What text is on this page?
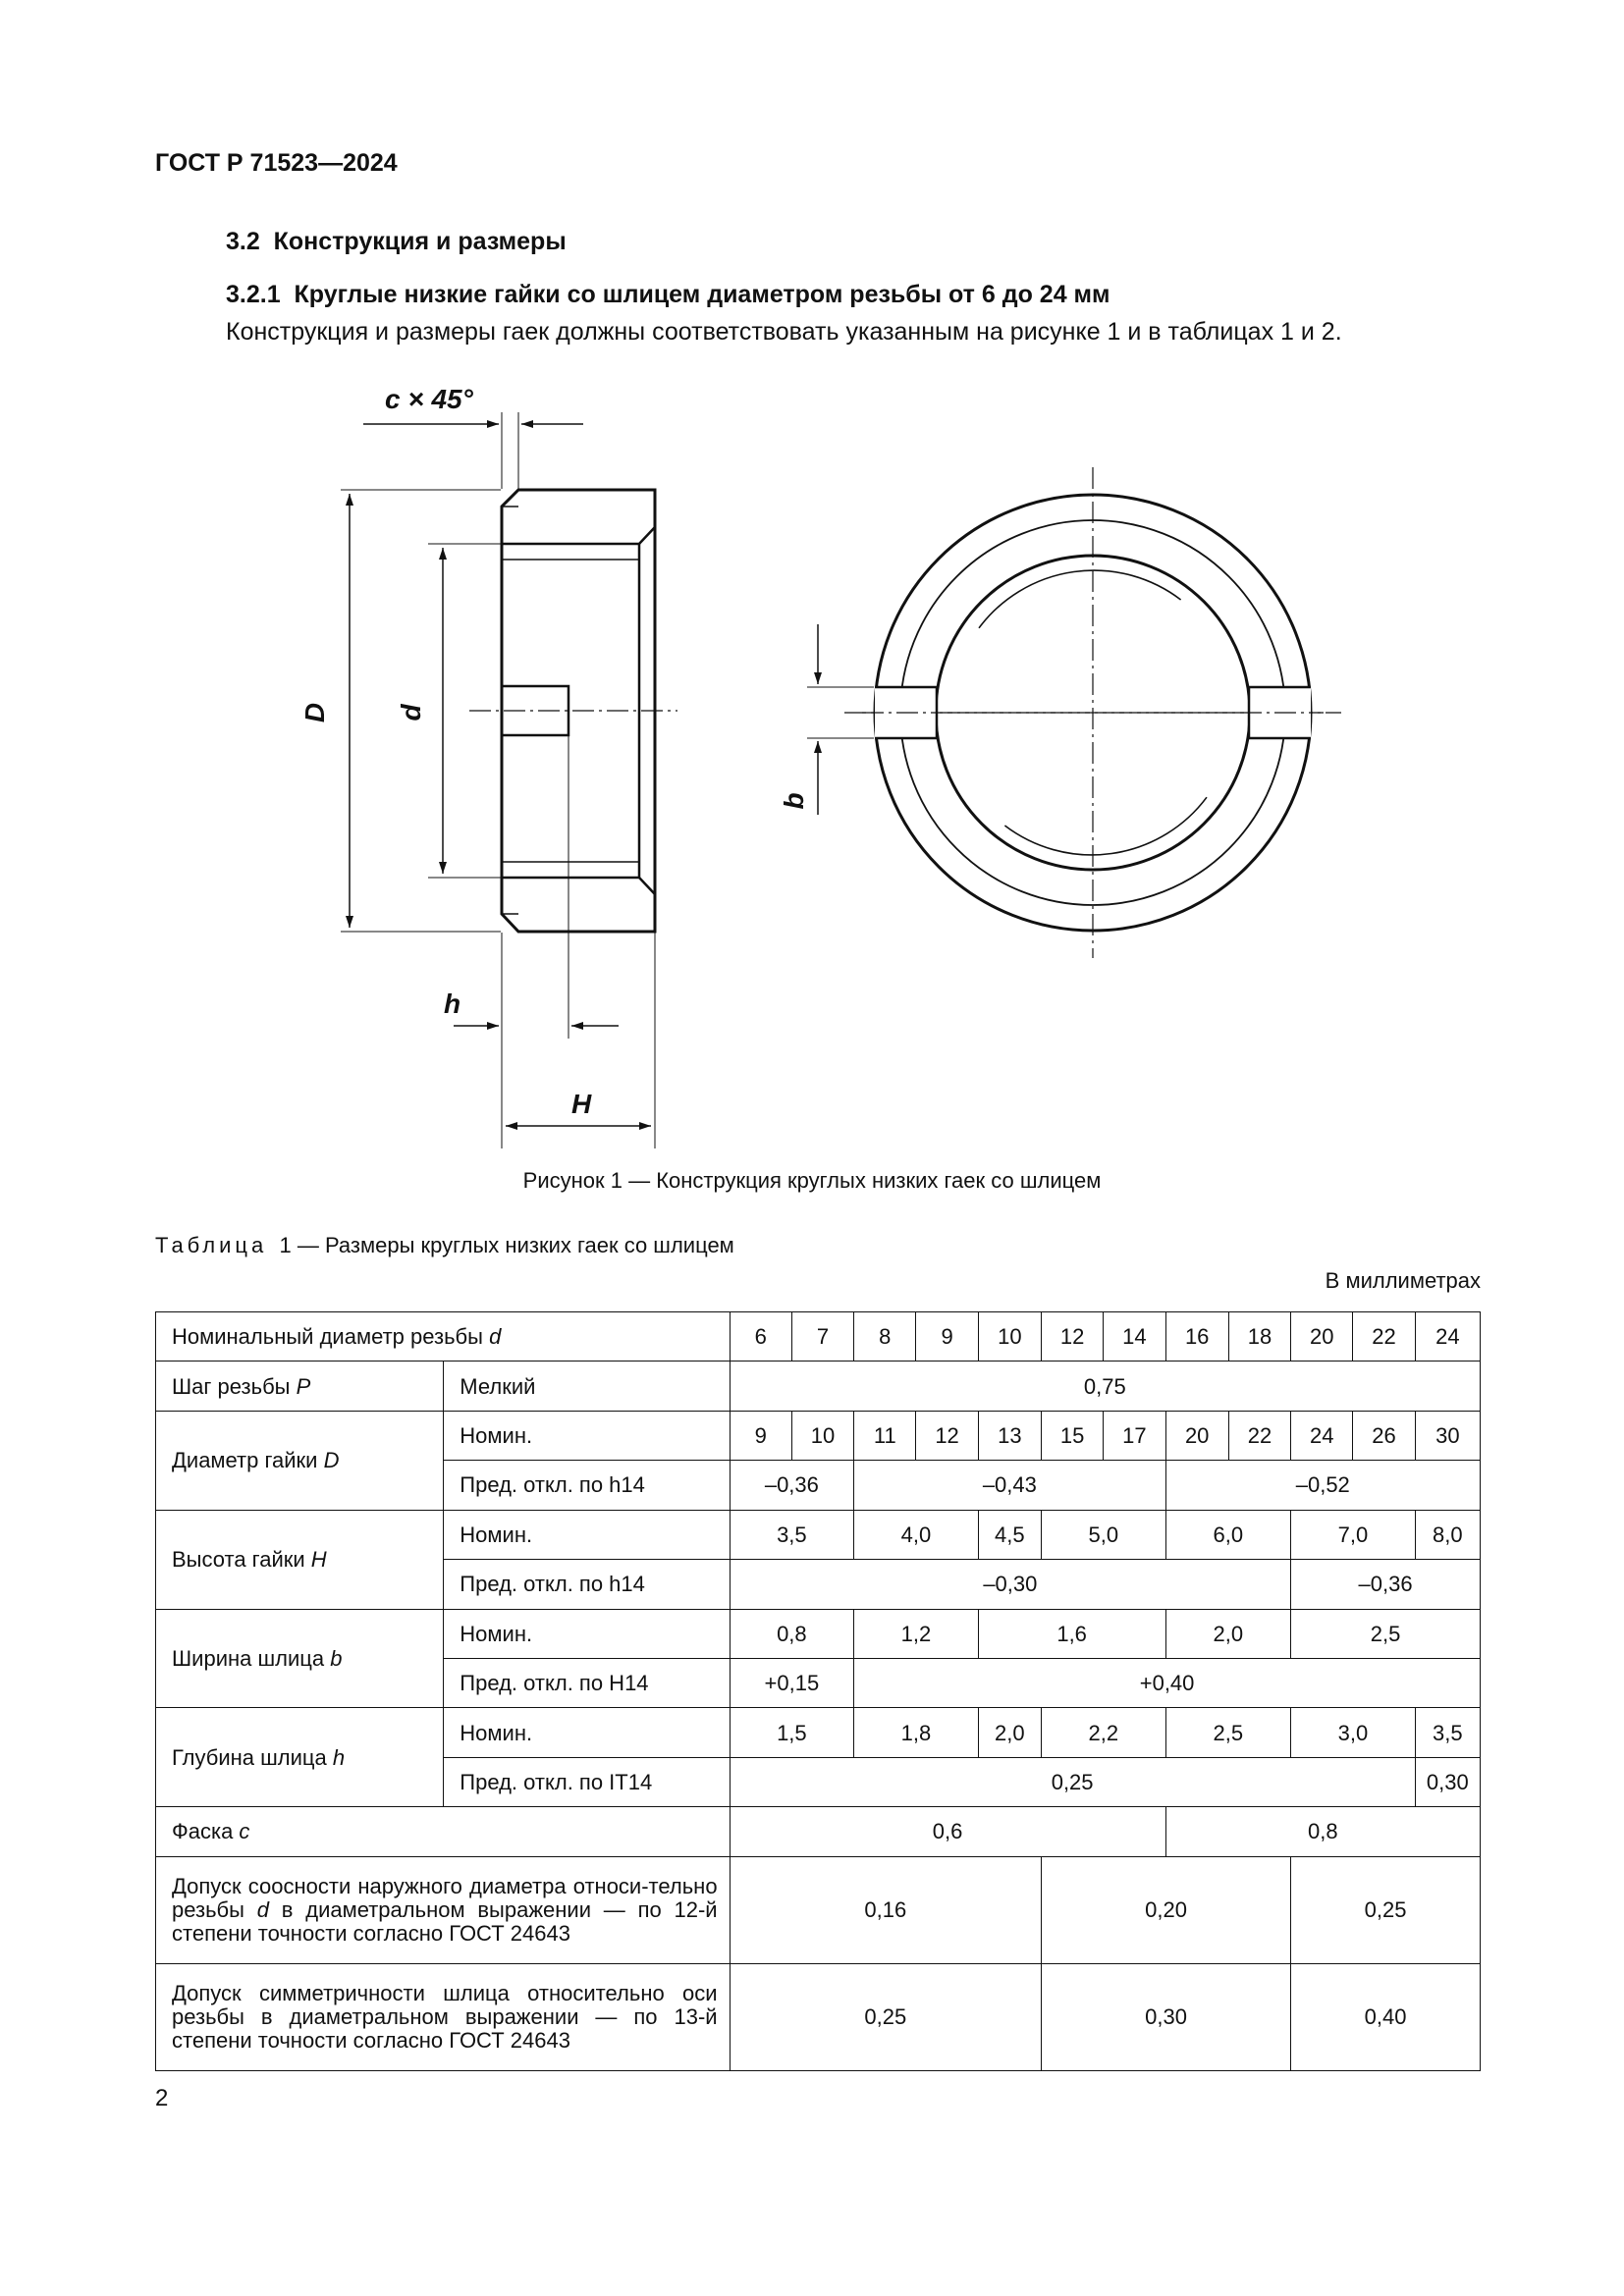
ГОСТ Р 71523—2024
3.2  Конструкция и размеры
3.2.1  Круглые низкие гайки со шлицем диаметром резьбы от 6 до 24 мм
Конструкция и размеры гаек должны соответствовать указанным на рисунке 1 и в таблицах 1 и 2.
c × 45°
D d
h
H
b
Рисунок 1 — Конструкция круглых низких гаек со шлицем
Таблица 1 — Размеры круглых низких гаек со шлицем
В миллиметрах
Номинальный диаметр резьбы d		6	7	8	9	10	12	14	16	18	20	22	24
Шаг резьбы P	Мелкий	0,75											
Диаметр гайки D	Номин.	9	10	11	12	13	15	17	20	22	24	26	30
	Пред. откл. по h14	–0,36		–0,43					–0,52				
Высота гайки H	Номин.	3,5		4,0		4,5	5,0		6,0		7,0		8,0
	Пред. откл. по h14	–0,30									–0,36		
Ширина шлица b	Номин.	0,8		1,2		1,6			2,0		2,5		
	Пред. откл. по H14	+0,15		+0,40									
Глубина шлица h	Номин.	1,5		1,8		2,0	2,2		2,5		3,0		3,5
	Пред. откл. по IT14	0,25											0,30
Фаска c		0,6							0,8				
Допуск соосности наружного диаметра относи-тельно резьбы d в диаметральном выражении — по 12-й степени точности согласно ГОСТ 24643		0,16					0,20				0,25		
Допуск симметричности шлица относительно оси резьбы в диаметральном выражении — по 13-й степени точности согласно ГОСТ 24643		0,25					0,30				0,40		
2
